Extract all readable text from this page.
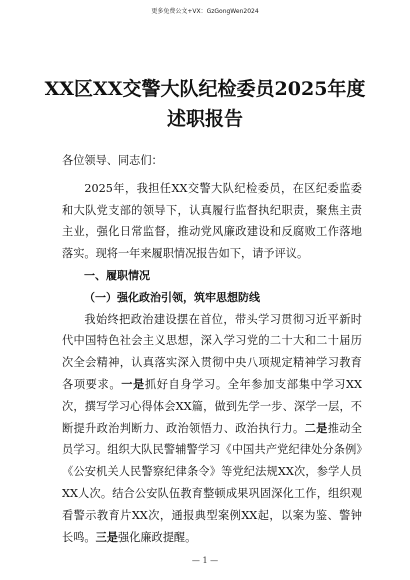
更多免费公文+VX：GzGongWen2024
XX区XX交警大队纪检委员2025年度述职报告

各位领导、同志们：

2025年，我担任XX交警大队纪检委员，在区纪委监委和大队党支部的领导下，认真履行监督执纪职责，聚焦主责主业，强化日常监督，推动党风廉政建设和反腐败工作落地落实。现将一年来履职情况报告如下，请予评议。

一、履职情况

（一）强化政治引领，筑牢思想防线

我始终把政治建设摆在首位，带头学习贯彻习近平新时代中国特色社会主义思想，深入学习党的二十大和二十届历次全会精神，认真落实深入贯彻中央八项规定精神学习教育各项要求。一是抓好自身学习。全年参加支部集中学习XX次，撰写学习心得体会XX篇，做到先学一步、深学一层，不断提升政治判断力、政治领悟力、政治执行力。二是推动全员学习。组织大队民警辅警学习《中国共产党纪律处分条例》《公安机关人民警察纪律条令》等党纪法规XX次，参学人员XX人次。结合公安队伍教育整顿成果巩固深化工作，组织观看警示教育片XX次，通报典型案例XX起，以案为鉴、警钟长鸣。三是强化廉政提醒。

— 1 —
